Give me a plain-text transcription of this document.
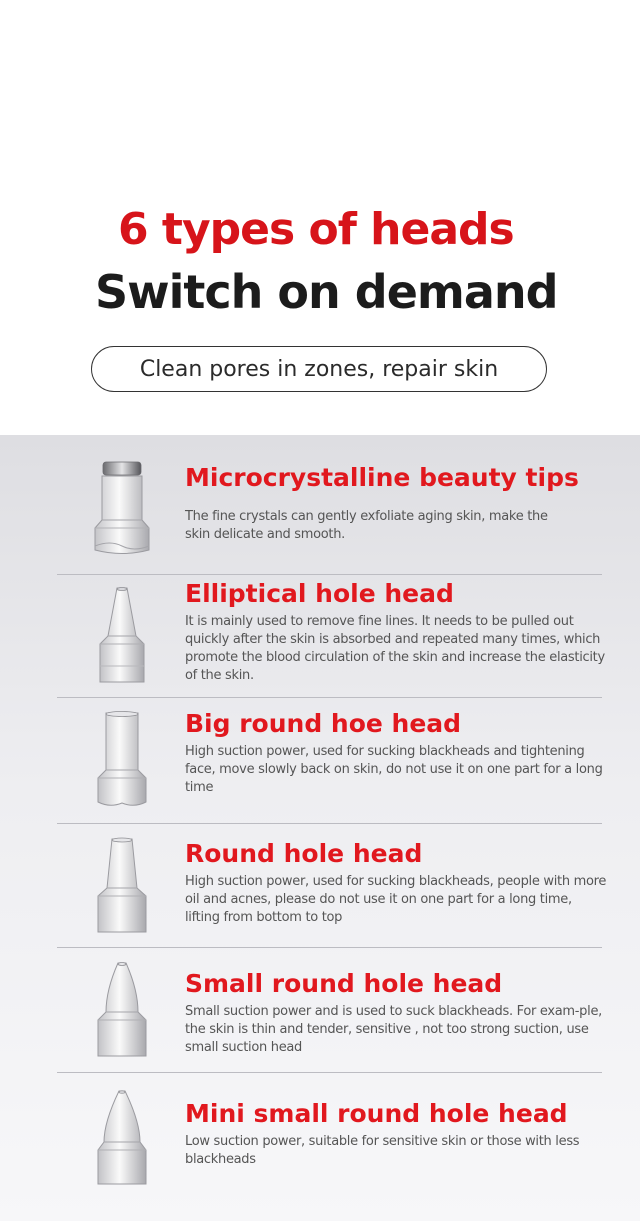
6 types of heads
Switch on demand
Clean pores in zones, repair skin
Microcrystalline beauty tips
The fine crystals can gently exfoliate aging skin, make the skin delicate and smooth.
Elliptical hole head
It is mainly used to remove fine lines. It needs to be pulled out quickly after the skin is absorbed and repeated many times, which promote the blood circulation of the skin and increase the elasticity of the skin.
Big round hoe head
High suction power, used for sucking blackheads and tightening face, move slowly back on skin, do not use it on one part for a long time
Round hole head
High suction power, used for sucking blackheads, people with more oil and acnes, please do not use it on one part for a long time, lifting from bottom to top
Small round hole head
Small suction power and is used to suck blackheads. For exam-ple, the skin is thin and tender, sensitive , not too strong suction, use small suction head
Mini small round hole head
Low suction power, suitable for sensitive skin or those with less blackheads
